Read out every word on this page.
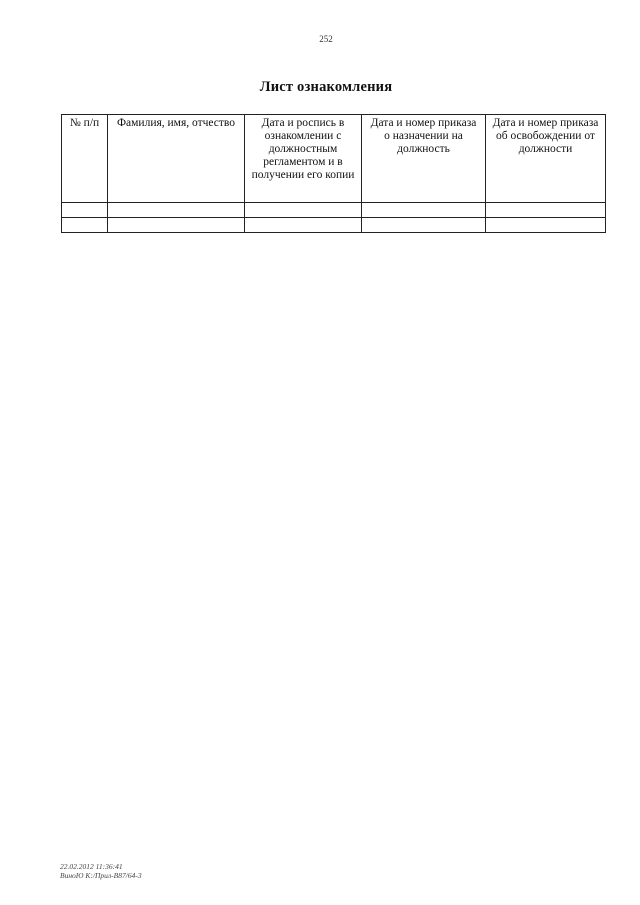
252
Лист ознакомления
№ п/п	Фамилия, имя, отчество	Дата и роспись в ознакомлении с должностным регламентом и в получении его копии	Дата и номер приказа о назначении на должность	Дата и номер приказа об освобождении от должности

22.02.2012 11:36:41
ВиноЮ К:/Прил-В87/64-3
